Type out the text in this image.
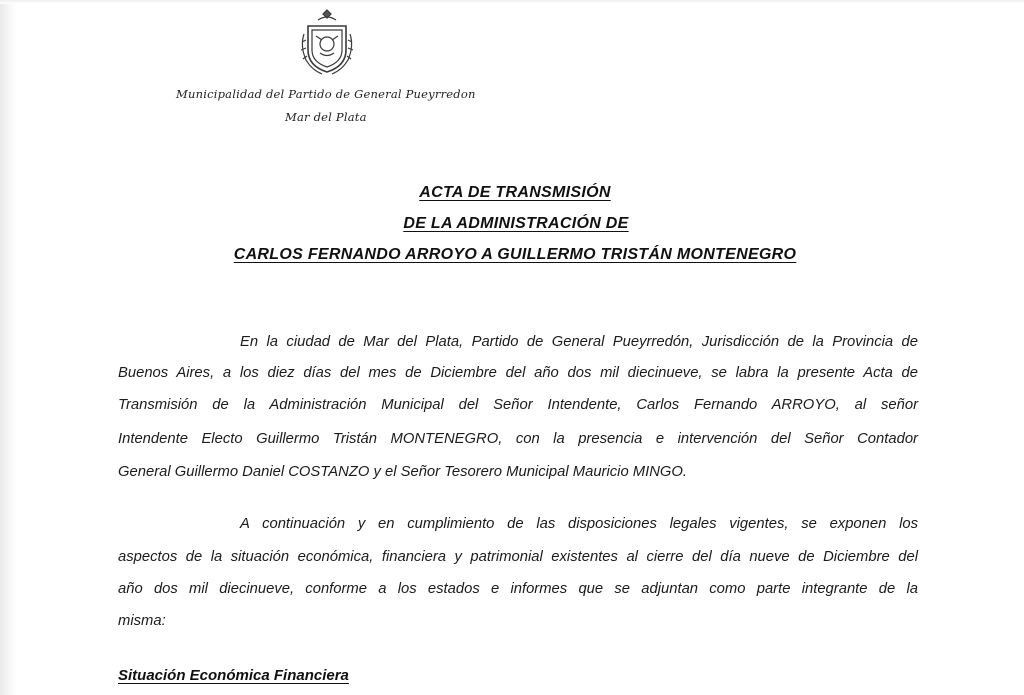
Municipalidad del Partido de General Pueyrredon
Mar del Plata
ACTA DE TRANSMISIÓN
DE LA ADMINISTRACIÓN DE
CARLOS FERNANDO ARROYO A GUILLERMO TRISTÁN MONTENEGRO
En la ciudad de Mar del Plata, Partido de General Pueyrredón, Jurisdicción de la Provincia de
Buenos Aires, a los diez días del mes de Diciembre del año dos mil diecinueve, se labra la presente Acta de
Transmisión de la Administración Municipal del Señor Intendente, Carlos Fernando ARROYO, al señor
Intendente Electo Guillermo Tristán MONTENEGRO, con la presencia e intervención del Señor Contador
General Guillermo Daniel COSTANZO y el Señor Tesorero Municipal Mauricio MINGO.
A continuación y en cumplimiento de las disposiciones legales vigentes, se exponen los
aspectos de la situación económica, financiera y patrimonial existentes al cierre del día nueve de Diciembre del
año dos mil diecinueve, conforme a los estados e informes que se adjuntan como parte integrante de la
misma:
Situación Económica Financiera
